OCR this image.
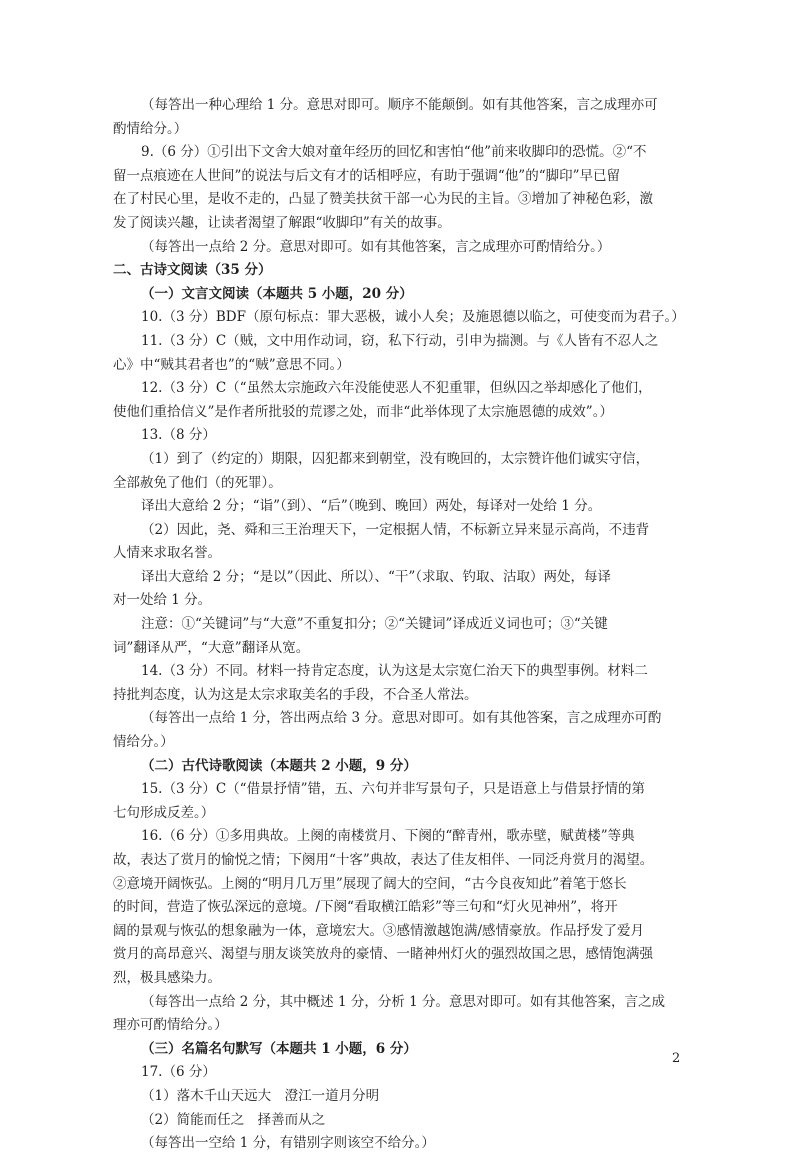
（每答出一种心理给 1 分。意思对即可。顺序不能颠倒。如有其他答案，言之成理亦可
酌情给分。）
9.（6 分）①引出下文舍大娘对童年经历的回忆和害怕“他”前来收脚印的恐慌。②“不
留一点痕迹在人世间”的说法与后文有才的话相呼应，有助于强调“他”的“脚印”早已留
在了村民心里，是收不走的，凸显了赞美扶贫干部一心为民的主旨。③增加了神秘色彩，激
发了阅读兴趣，让读者渴望了解跟“收脚印”有关的故事。
（每答出一点给 2 分。意思对即可。如有其他答案，言之成理亦可酌情给分。）
二、古诗文阅读（35 分）
（一）文言文阅读（本题共 5 小题，20 分）
10.（3 分）BDF（原句标点：罪大恶极，诚小人矣；及施恩德以临之，可使变而为君子。）
11.（3 分）C（贼，文中用作动词，窃，私下行动，引申为揣测。与《人皆有不忍人之
心》中“贼其君者也”的“贼”意思不同。）
12.（3 分）C（“虽然太宗施政六年没能使恶人不犯重罪，但纵囚之举却感化了他们，
使他们重拾信义”是作者所批驳的荒谬之处，而非“此举体现了太宗施恩德的成效”。）
13.（8 分）
（1）到了（约定的）期限，囚犯都来到朝堂，没有晚回的，太宗赞许他们诚实守信，
全部赦免了他们（的死罪）。
译出大意给 2 分；“诣”（到）、“后”（晚到、晚回）两处，每译对一处给 1 分。
（2）因此，尧、舜和三王治理天下，一定根据人情，不标新立异来显示高尚，不违背
人情来求取名誉。
译出大意给 2 分；“是以”（因此、所以）、“干”（求取、钓取、沽取）两处，每译
对一处给 1 分。
注意：①“关键词”与“大意”不重复扣分；②“关键词”译成近义词也可；③“关键
词”翻译从严，“大意”翻译从宽。
14.（3 分）不同。材料一持肯定态度，认为这是太宗宽仁治天下的典型事例。材料二
持批判态度，认为这是太宗求取美名的手段，不合圣人常法。
（每答出一点给 1 分，答出两点给 3 分。意思对即可。如有其他答案，言之成理亦可酌
情给分。）
（二）古代诗歌阅读（本题共 2 小题，9 分）
15.（3 分）C（“借景抒情”错，五、六句并非写景句子，只是语意上与借景抒情的第
七句形成反差。）
16.（6 分）①多用典故。上阕的南楼赏月、下阕的“醉青州，歌赤壁，赋黄楼”等典
故，表达了赏月的愉悦之情；下阕用“十客”典故，表达了佳友相伴、一同泛舟赏月的渴望。
②意境开阔恢弘。上阕的“明月几万里”展现了阔大的空间，“古今良夜知此”着笔于悠长
的时间，营造了恢弘深远的意境。/下阕“看取横江皓彩”等三句和“灯火见神州”，将开
阔的景观与恢弘的想象融为一体，意境宏大。③感情激越饱满/感情豪放。作品抒发了爱月
赏月的高昂意兴、渴望与朋友谈笑放舟的豪情、一睹神州灯火的强烈故国之思，感情饱满强
烈，极具感染力。
（每答出一点给 2 分，其中概述 1 分，分析 1 分。意思对即可。如有其他答案，言之成
理亦可酌情给分。）
（三）名篇名句默写（本题共 1 小题，6 分）
17.（6 分）
（1）落木千山天远大　澄江一道月分明
（2）简能而任之　择善而从之
（每答出一空给 1 分，有错别字则该空不给分。）
2
